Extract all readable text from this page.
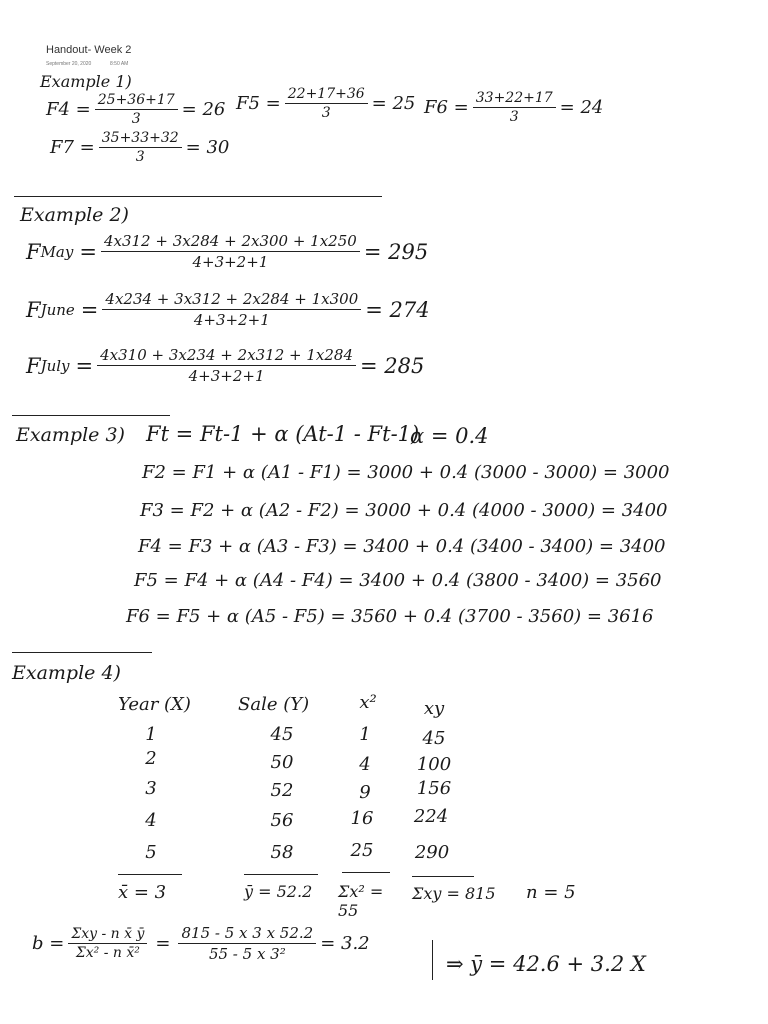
Handout- Week 2
September 20, 2020	8:50 AM
Example 1)
$F4 = \frac{25+36+17}{3} = 26$ $F5 = \frac{22+17+36}{3} = 25$ $F6 = \frac{33+22+17}{3} = 24$
$F7 = \frac{35+33+32}{3} = 30$
Example 2)
F May = $\frac{4x312 + 3x284 + 2x300 + 1x250}{4+3+2+1} = 295$
F June = $\frac{4x234 + 3x312 + 2x284 + 1x300}{4+3+2+1} = 274$
F July = $\frac{4x310 + 3x234 + 2x312 + 1x284}{4+3+2+1} = 285$
Example 3) Ft = Ft-1 + α (At-1 - Ft-1)
α = 0.4
F2 = F1 + α (A1 - F1) = 3000 + 0.4 (3000 - 3000) = 3000
F3 = F2 + α (A2 - F2) = 3000 + 0.4 (4000 - 3000) = 3400
F4 = F3 + α (A3 - F3) = 3400 + 0.4 (3400 - 3400) = 3400
F5 = F4 + α (A4 - F4) = 3400 + 0.4 (3800 - 3400) = 3560
F6 = F5 + α (A5 - F5) = 3560 + 0.4 (3700 - 3560) = 3616
Example 4)
Year (X)	Sale (Y)	x²	xy
1	45	1	45
2	50	4	100
3	52	9	156
4	56	16	224
5	58	25	290
x̄ = 3	ȳ = 52.2	Σx² = 55
Σxy = 815	n = 5
$b = \frac{\text{Σxy - n x̄ ȳ}}{\text{Σx² - n x̄²}} = \frac{815 - 5 x 3 x 52.2}{\text{55 - 5 x 3²}} = 3.2$
⇒ ȳ = 42.6 + 3.2 X
